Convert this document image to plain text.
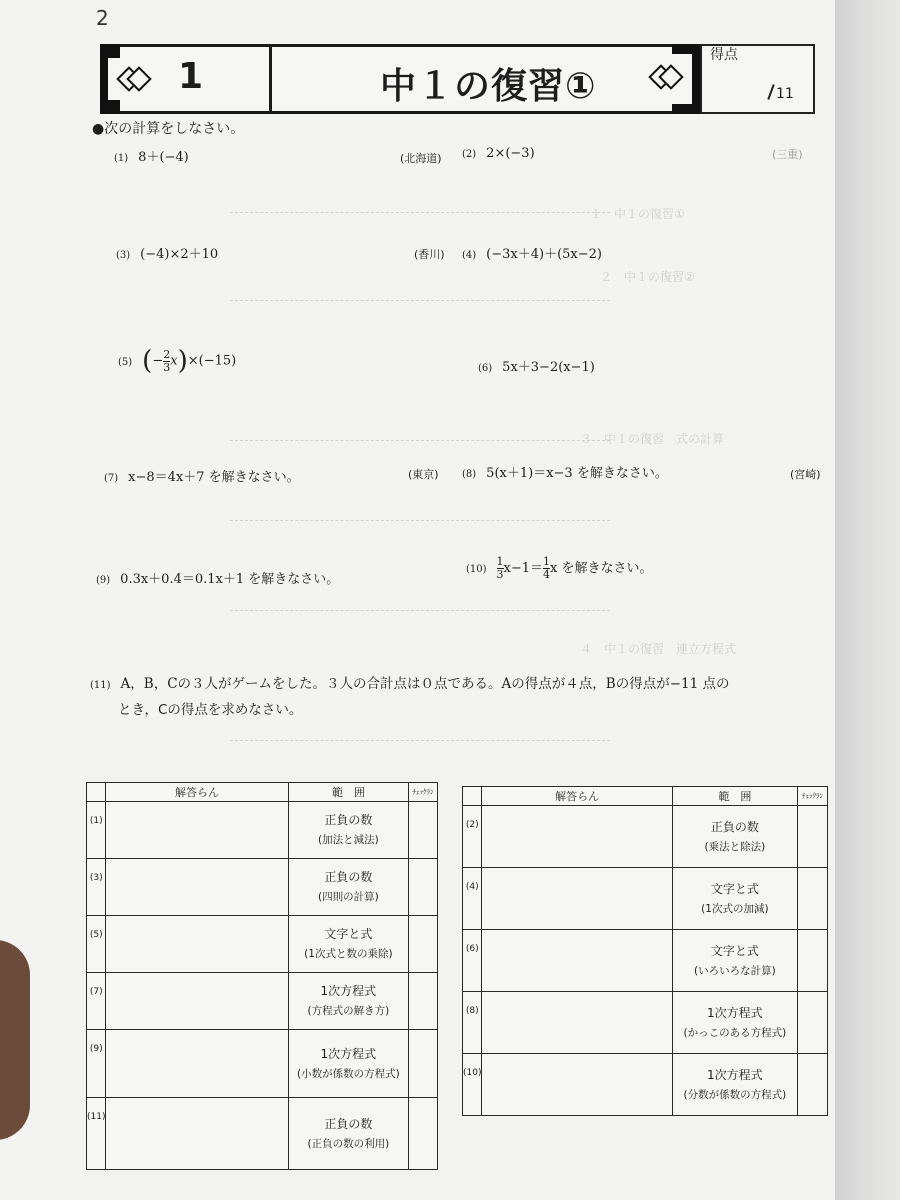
2
１　中１の復習①
２　中１の復習②
３　中１の復習　式の計算
４　中１の復習　連立方程式
1	中１の復習①
得点
11
●次の計算をしなさい。
(1) 8＋(−4)	(北海道) (2) 2×(−3)	(三重)
(3) (−4)×2＋10	(香川) (4) (−3x＋4)＋(5x−2)
(5) (− $\frac{2}{3} x)\times(-15)$	(6) 5x＋3−2(x−1)
(7) x−8＝4x＋7 を解きなさい。	(東京) (8) 5(x＋1)＝x−3 を解きなさい。	(宮崎)
(9) 0.3x＋0.4＝0.1x＋1 を解きなさい。
$(10) \frac{1}{3} x-1= \frac{1}{4}$ x を解きなさい。
(11) A，B，Cの３人がゲームをした。３人の合計点は０点である。Aの得点が４点，Bの得点が−11 点の
とき，Cの得点を求めなさい。
	解答らん	範　囲	ﾁｪｯｸﾗﾝ
(1)		正負の数
(加法と減法)	

(3)		正負の数
(四則の計算)	

(5)		文字と式
(1次式と数の乗除)	

(7)		1次方程式
(方程式の解き方)	

(9)		1次方程式
(小数が係数の方程式)	

(11)		正負の数
(正負の数の利用)	

	解答らん	範　囲	ﾁｪｯｸﾗﾝ
(2)		正負の数
(乗法と除法)	

(4)		文字と式
(1次式の加減)	

(6)		文字と式
(いろいろな計算)	

(8)		1次方程式
(かっこのある方程式)	

(10)		1次方程式
(分数が係数の方程式)	
